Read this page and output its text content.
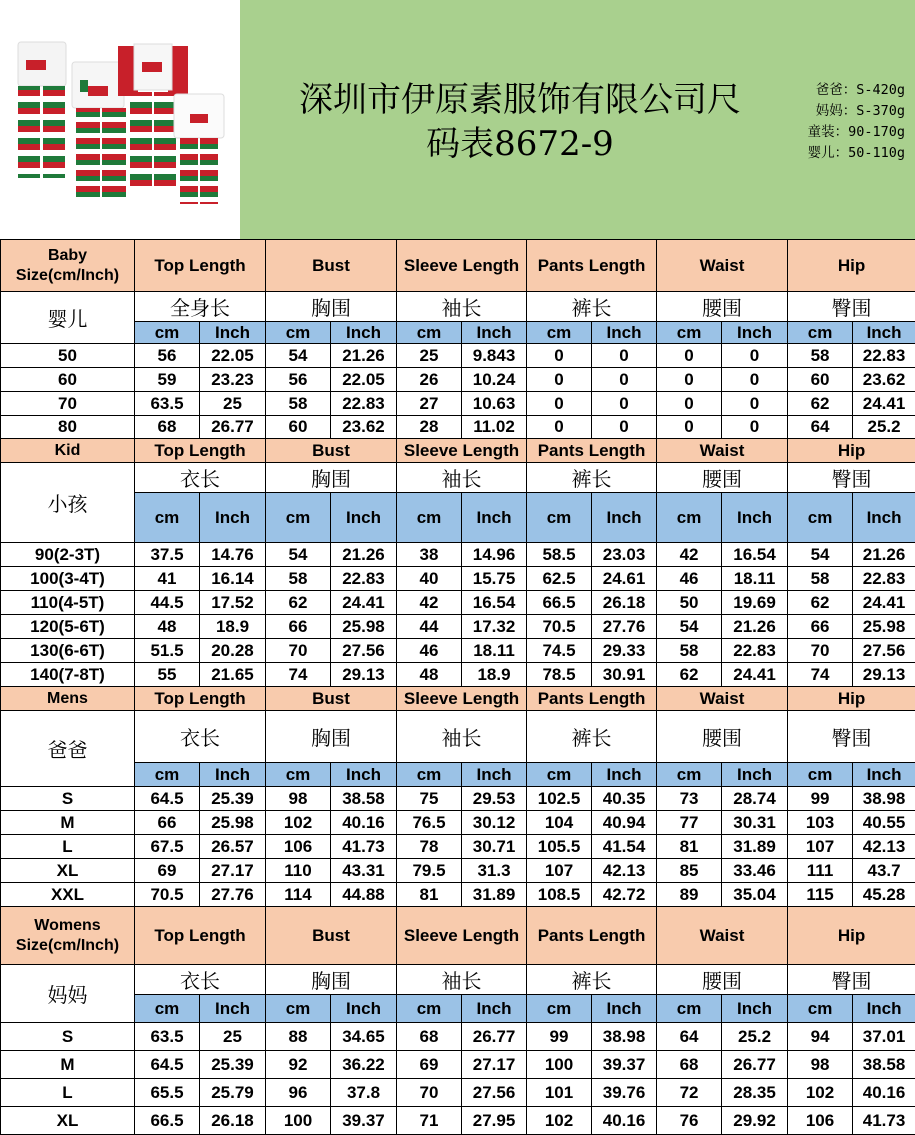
深圳市伊原素服饰有限公司尺
码表8672-9
爸爸：S-420g
妈妈：S-370g
童装：90-170g
婴儿：50-110g
Baby
Size(cm/Inch)	Top Length		Bust		Sleeve Length		Pants Length		Waist		Hip	
婴儿	全身长		胸围		袖长		裤长		腰围		臀围	
	cm	Inch	cm	Inch	cm	Inch	cm	Inch	cm	Inch	cm	Inch
50	56	22.05	54	21.26	25	9.843	0	0	0	0	58	22.83
60	59	23.23	56	22.05	26	10.24	0	0	0	0	60	23.62
70	63.5	25	58	22.83	27	10.63	0	0	0	0	62	24.41
80	68	26.77	60	23.62	28	11.02	0	0	0	0	64	25.2
Kid	Top Length		Bust		Sleeve Length		Pants Length		Waist		Hip	
小孩	衣长		胸围		袖长		裤长		腰围		臀围	
	cm	Inch	cm	Inch	cm	Inch	cm	Inch	cm	Inch	cm	Inch
90(2-3T)	37.5	14.76	54	21.26	38	14.96	58.5	23.03	42	16.54	54	21.26
100(3-4T)	41	16.14	58	22.83	40	15.75	62.5	24.61	46	18.11	58	22.83
110(4-5T)	44.5	17.52	62	24.41	42	16.54	66.5	26.18	50	19.69	62	24.41
120(5-6T)	48	18.9	66	25.98	44	17.32	70.5	27.76	54	21.26	66	25.98
130(6-6T)	51.5	20.28	70	27.56	46	18.11	74.5	29.33	58	22.83	70	27.56
140(7-8T)	55	21.65	74	29.13	48	18.9	78.5	30.91	62	24.41	74	29.13
Mens	Top Length		Bust		Sleeve Length		Pants Length		Waist		Hip	
爸爸	衣长		胸围		袖长		裤长		腰围		臀围	
	cm	Inch	cm	Inch	cm	Inch	cm	Inch	cm	Inch	cm	Inch
S	64.5	25.39	98	38.58	75	29.53	102.5	40.35	73	28.74	99	38.98
M	66	25.98	102	40.16	76.5	30.12	104	40.94	77	30.31	103	40.55
L	67.5	26.57	106	41.73	78	30.71	105.5	41.54	81	31.89	107	42.13
XL	69	27.17	110	43.31	79.5	31.3	107	42.13	85	33.46	111	43.7
XXL	70.5	27.76	114	44.88	81	31.89	108.5	42.72	89	35.04	115	45.28
Womens
Size(cm/Inch)	Top Length		Bust		Sleeve Length		Pants Length		Waist		Hip	
妈妈	衣长		胸围		袖长		裤长		腰围		臀围	
	cm	Inch	cm	Inch	cm	Inch	cm	Inch	cm	Inch	cm	Inch
S	63.5	25	88	34.65	68	26.77	99	38.98	64	25.2	94	37.01
M	64.5	25.39	92	36.22	69	27.17	100	39.37	68	26.77	98	38.58
L	65.5	25.79	96	37.8	70	27.56	101	39.76	72	28.35	102	40.16
XL	66.5	26.18	100	39.37	71	27.95	102	40.16	76	29.92	106	41.73
